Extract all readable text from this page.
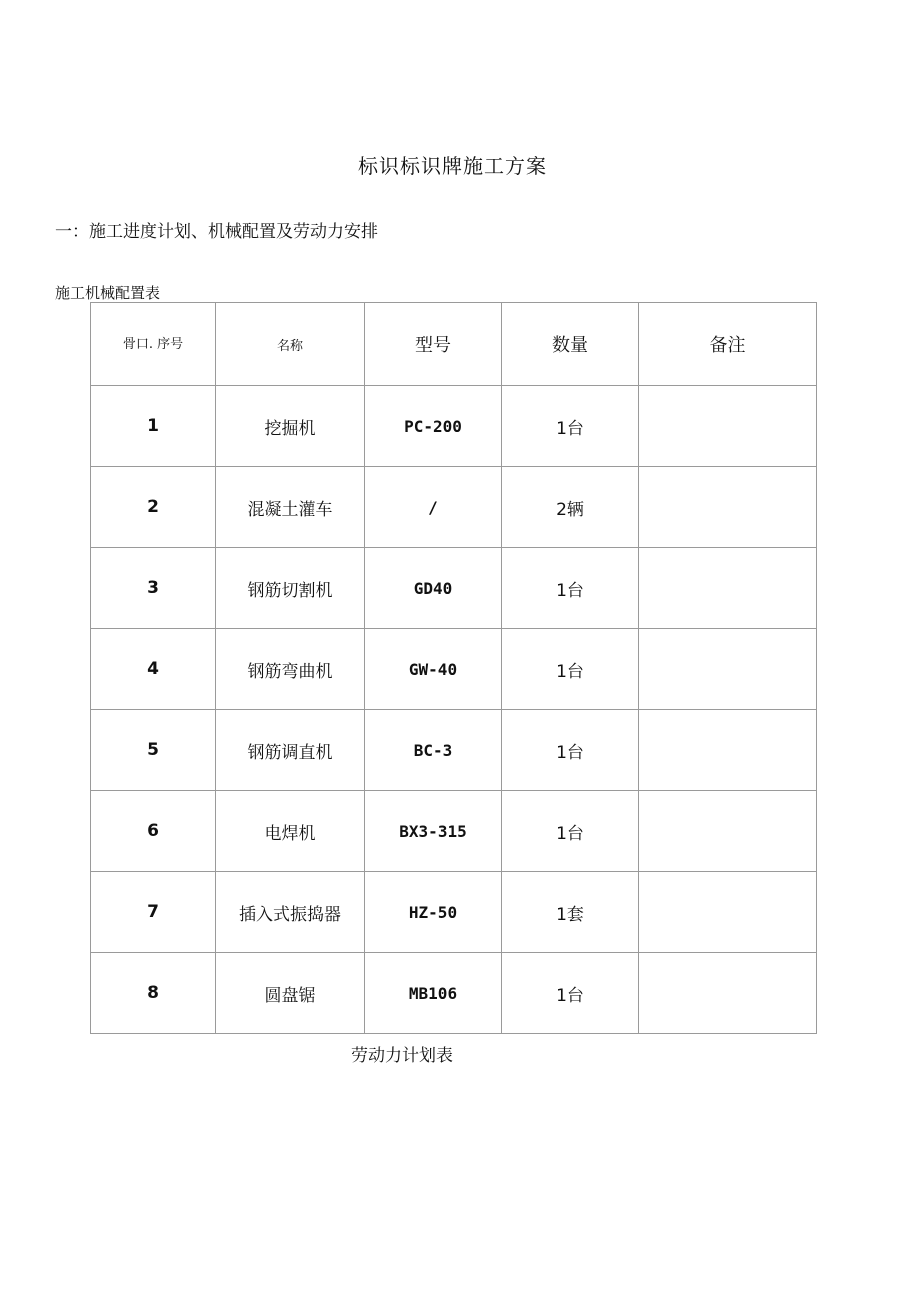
标识标识牌施工方案
一：施工进度计划、机械配置及劳动力安排
施工机械配置表
骨口. 序号	名称	型号	数量	备注
1	挖掘机	PC-200	1台	
2	混凝土灌车	/	2辆	
3	钢筋切割机	GD40	1台	
4	钢筋弯曲机	GW-40	1台	
5	钢筋调直机	BC-3	1台	
6	电焊机	BX3-315	1台	
7	插入式振捣器	HZ-50	1套	
8	圆盘锯	MB106	1台	
劳动力计划表
